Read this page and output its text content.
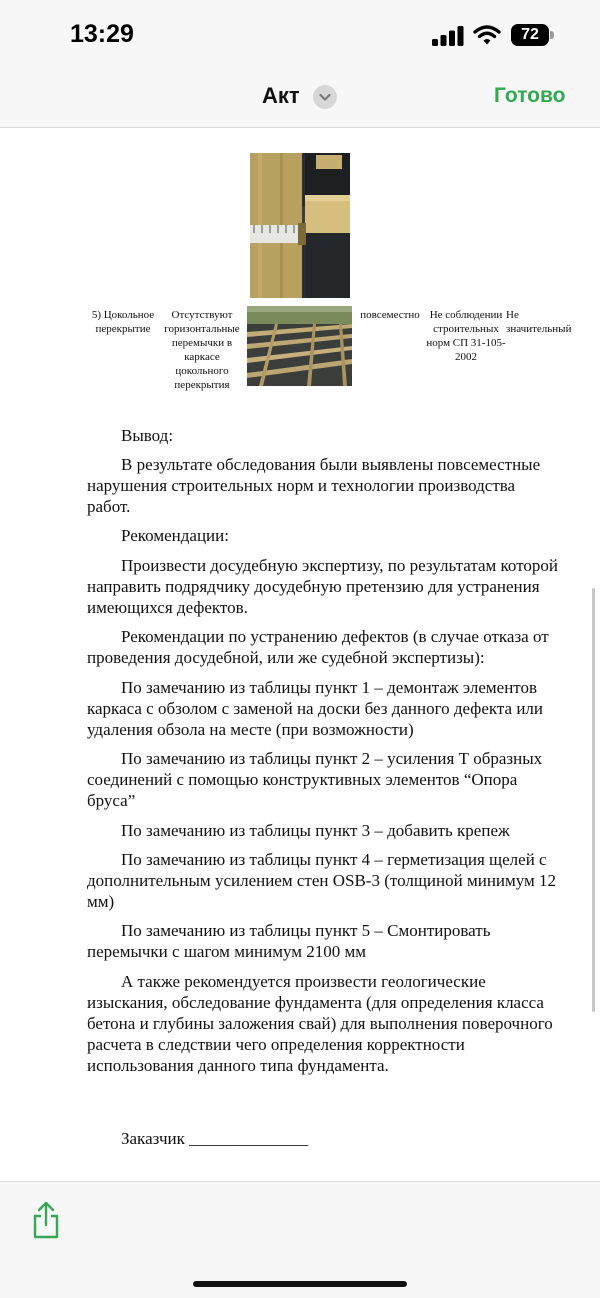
13:29	72
Акт	Готово
5) Цокольное перекрытие
Отсутствуют горизонтальные перемычки в каркасе цокольного перекрытия
повсеместно Не соблюдении строительных норм СП 31-105-2002
Не значительный

Вывод:

В результате обследования были выявлены повсеместные нарушения строительных норм и технологии производства работ.

Рекомендации:

Произвести досудебную экспертизу, по результатам которой направить подрядчику досудебную претензию для устранения имеющихся дефектов.

Рекомендации по устранению дефектов (в случае отказа от проведения досудебной, или же судебной экспертизы):

По замечанию из таблицы пункт 1 – демонтаж элементов каркаса с обзолом с заменой на доски без данного дефекта или удаления обзола на месте (при возможности)

По замечанию из таблицы пункт 2 – усиления Т образных соединений с помощью конструктивных элементов “Опора бруса”

По замечанию из таблицы пункт 3 – добавить крепеж

По замечанию из таблицы пункт 4 – герметизация щелей с дополнительным усилением стен OSB-3 (толщиной минимум 12 мм)

По замечанию из таблицы пункт 5 – Смонтировать перемычки с шагом минимум 2100 мм

А также рекомендуется произвести геологические изыскания, обследование фундамента (для определения класса бетона и глубины заложения свай) для выполнения поверочного расчета в следствии чего определения корректности использования данного типа фундамента.

Заказчик ______________
